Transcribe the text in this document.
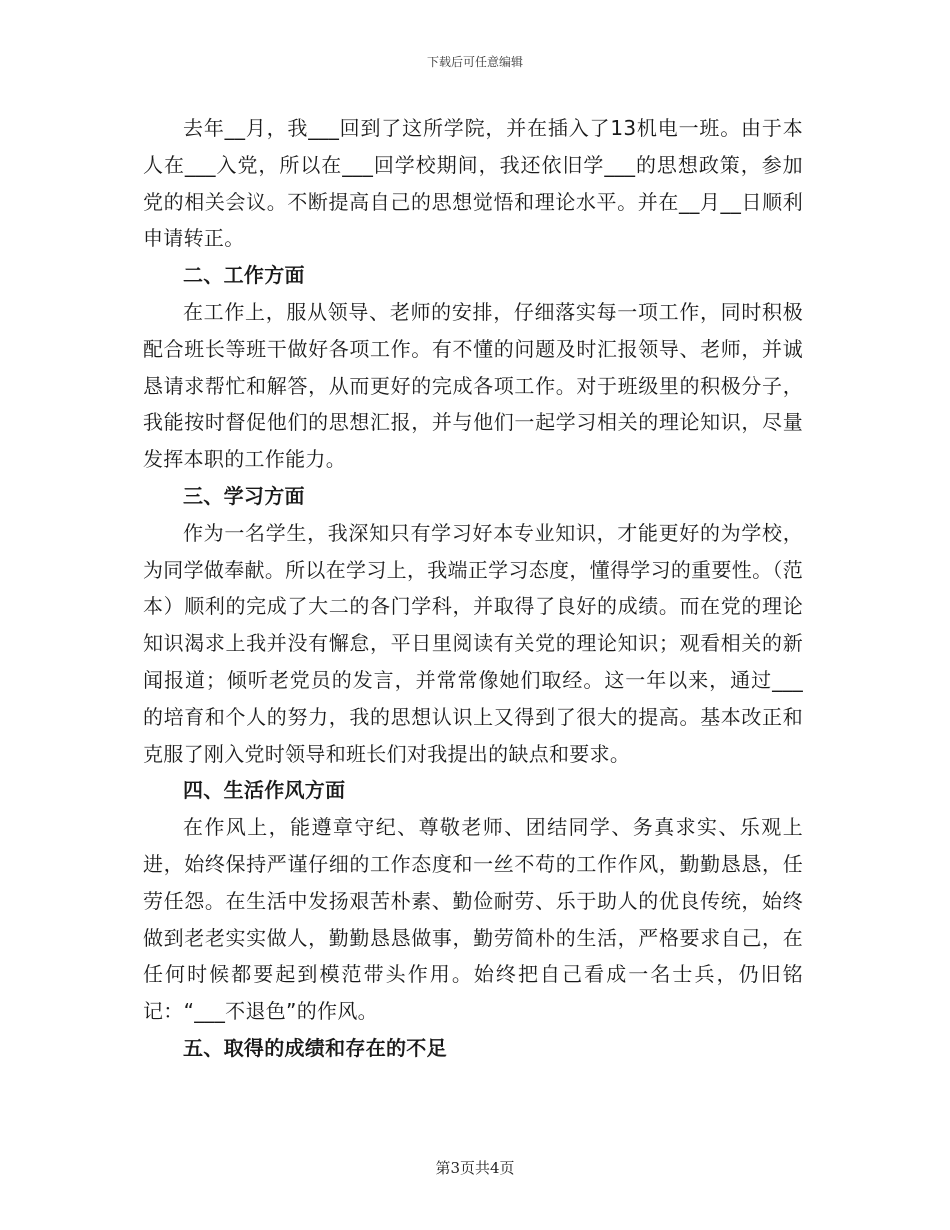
下载后可任意编辑

去年__月，我___回到了这所学院，并在插入了13机电一班。由于本人在___入党，所以在___回学校期间，我还依旧学___的思想政策，参加党的相关会议。不断提高自己的思想觉悟和理论水平。并在__月__日顺利申请转正。

二、工作方面

在工作上，服从领导、老师的安排，仔细落实每一项工作，同时积极配合班长等班干做好各项工作。有不懂的问题及时汇报领导、老师，并诚恳请求帮忙和解答，从而更好的完成各项工作。对于班级里的积极分子，我能按时督促他们的思想汇报，并与他们一起学习相关的理论知识，尽量发挥本职的工作能力。

三、学习方面

作为一名学生，我深知只有学习好本专业知识，才能更好的为学校，为同学做奉献。所以在学习上，我端正学习态度，懂得学习的重要性。（范本）顺利的完成了大二的各门学科，并取得了良好的成绩。而在党的理论知识渴求上我并没有懈怠，平日里阅读有关党的理论知识；观看相关的新闻报道；倾听老党员的发言，并常常像她们取经。这一年以来，通过___的培育和个人的努力，我的思想认识上又得到了很大的提高。基本改正和克服了刚入党时领导和班长们对我提出的缺点和要求。

四、生活作风方面

在作风上，能遵章守纪、尊敬老师、团结同学、务真求实、乐观上进，始终保持严谨仔细的工作态度和一丝不苟的工作作风，勤勤恳恳，任劳任怨。在生活中发扬艰苦朴素、勤俭耐劳、乐于助人的优良传统，始终做到老老实实做人，勤勤恳恳做事，勤劳简朴的生活，严格要求自己，在任何时候都要起到模范带头作用。始终把自己看成一名士兵，仍旧铭记：“___不退色”的作风。

五、取得的成绩和存在的不足

第3页共4页
